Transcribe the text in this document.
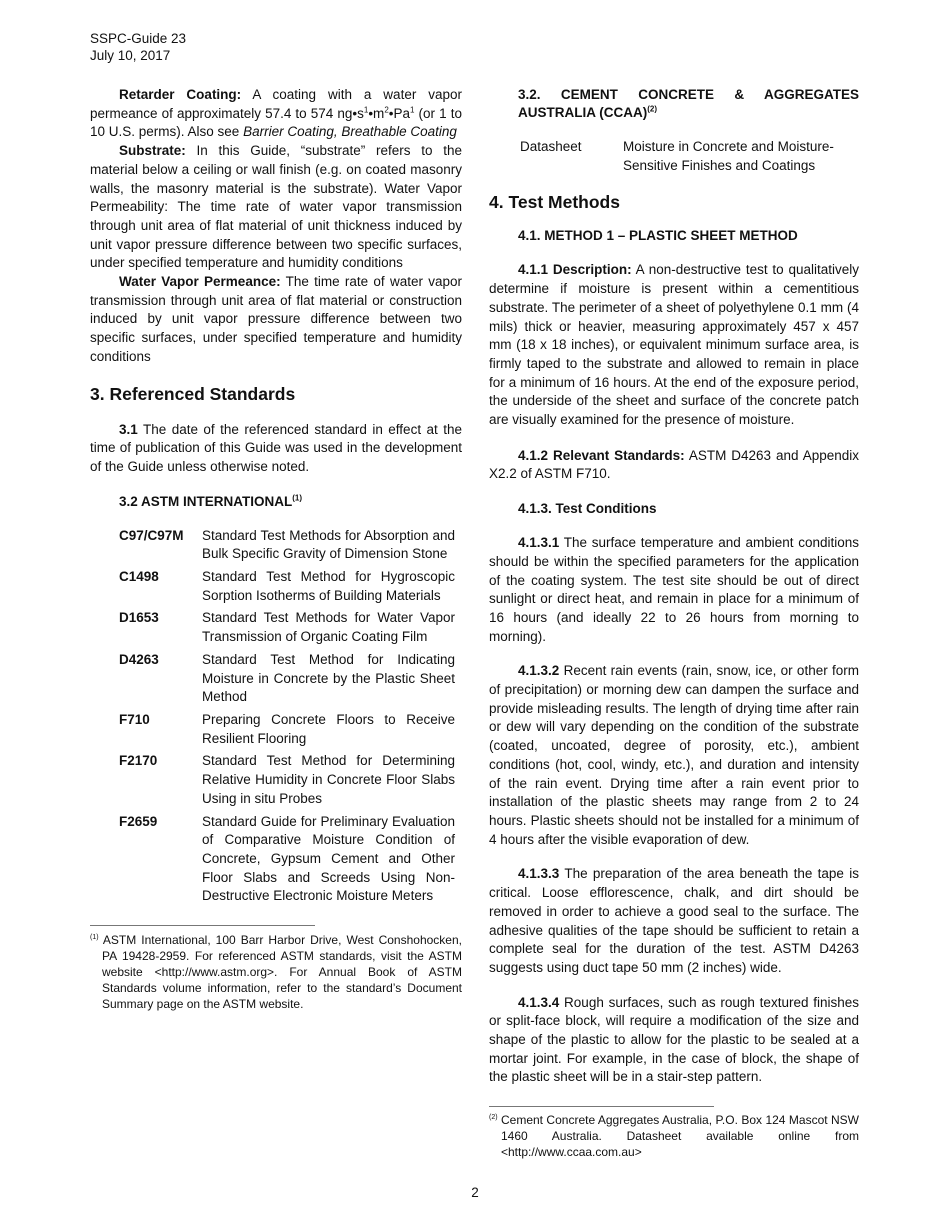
SSPC-Guide 23
July 10, 2017

Retarder Coating: A coating with a water vapor permeance of approximately 57.4 to 574 $ng•s^1•m^2•Pa^1$ (or 1 to 10 U.S. perms). Also see Barrier Coating, Breathable Coating

Substrate: In this Guide, “substrate” refers to the material below a ceiling or wall finish (e.g. on coated masonry walls, the masonry material is the substrate). Water Vapor Permeability: The time rate of water vapor transmission through unit area of flat material of unit thickness induced by unit vapor pressure difference between two specific surfaces, under specified temperature and humidity conditions

Water Vapor Permeance: The time rate of water vapor transmission through unit area of flat material or construction induced by unit vapor pressure difference between two specific surfaces, under specified temperature and humidity conditions

3. Referenced Standards

3.1 The date of the referenced standard in effect at the time of publication of this Guide was used in the development of the Guide unless otherwise noted.

3.2 ASTM INTERNATIONAL$^{(1)}$
C97/C97M	Standard Test Methods for Absorption and Bulk Specific Gravity of Dimension Stone
C1498	Standard Test Method for Hygroscopic Sorption Isotherms of Building Materials
D1653	Standard Test Methods for Water Vapor Transmission of Organic Coating Film
D4263	Standard Test Method for Indicating Moisture in Concrete by the Plastic Sheet Method
F710	Preparing Concrete Floors to Receive Resilient Flooring
F2170	Standard Test Method for Determining Relative Humidity in Concrete Floor Slabs Using in situ Probes
F2659	Standard Guide for Preliminary Evaluation of Comparative Moisture Condition of Concrete, Gypsum Cement and Other Floor Slabs and Screeds Using Non-Destructive Electronic Moisture Meters

$^{(1)}$ ASTM International, 100 Barr Harbor Drive, West Conshohocken, PA 19428-2959. For referenced ASTM standards, visit the ASTM website <http://www.astm.org>. For Annual Book of ASTM Standards volume information, refer to the standard’s Document Summary page on the ASTM website.

3.2. CEMENT CONCRETE & AGGREGATES AUSTRALIA (CCAA)$^{(2)}$
Datasheet	Moisture in Concrete and Moisture-Sensitive Finishes and Coatings
4. Test Methods
4.1. METHOD 1 – PLASTIC SHEET METHOD

4.1.1 Description: A non-destructive test to qualitatively determine if moisture is present within a cementitious substrate. The perimeter of a sheet of polyethylene 0.1 mm (4 mils) thick or heavier, measuring approximately 457 x 457 mm (18 x 18 inches), or equivalent minimum surface area, is firmly taped to the substrate and allowed to remain in place for a minimum of 16 hours. At the end of the exposure period, the underside of the sheet and surface of the concrete patch are visually examined for the presence of moisture.

4.1.2 Relevant Standards: ASTM D4263 and Appendix X2.2 of ASTM F710.

4.1.3. Test Conditions

4.1.3.1 The surface temperature and ambient conditions should be within the specified parameters for the application of the coating system. The test site should be out of direct sunlight or direct heat, and remain in place for a minimum of 16 hours (and ideally 22 to 26 hours from morning to morning).

4.1.3.2 Recent rain events (rain, snow, ice, or other form of precipitation) or morning dew can dampen the surface and provide misleading results. The length of drying time after rain or dew will vary depending on the condition of the substrate (coated, uncoated, degree of porosity, etc.), ambient conditions (hot, cool, windy, etc.), and duration and intensity of the rain event. Drying time after a rain event prior to installation of the plastic sheets may range from 2 to 24 hours. Plastic sheets should not be installed for a minimum of 4 hours after the visible evaporation of dew.

4.1.3.3 The preparation of the area beneath the tape is critical. Loose efflorescence, chalk, and dirt should be removed in order to achieve a good seal to the surface. The adhesive qualities of the tape should be sufficient to retain a complete seal for the duration of the test. ASTM D4263 suggests using duct tape 50 mm (2 inches) wide.

4.1.3.4 Rough surfaces, such as rough textured finishes or split-face block, will require a modification of the size and shape of the plastic to allow for the plastic to be sealed at a mortar joint. For example, in the case of block, the shape of the plastic sheet will be in a stair-step pattern.

$^{(2)}$ Cement Concrete Aggregates Australia, P.O. Box 124 Mascot NSW 1460 Australia. Datasheet available online from <http://www.ccaa.com.au>

2
